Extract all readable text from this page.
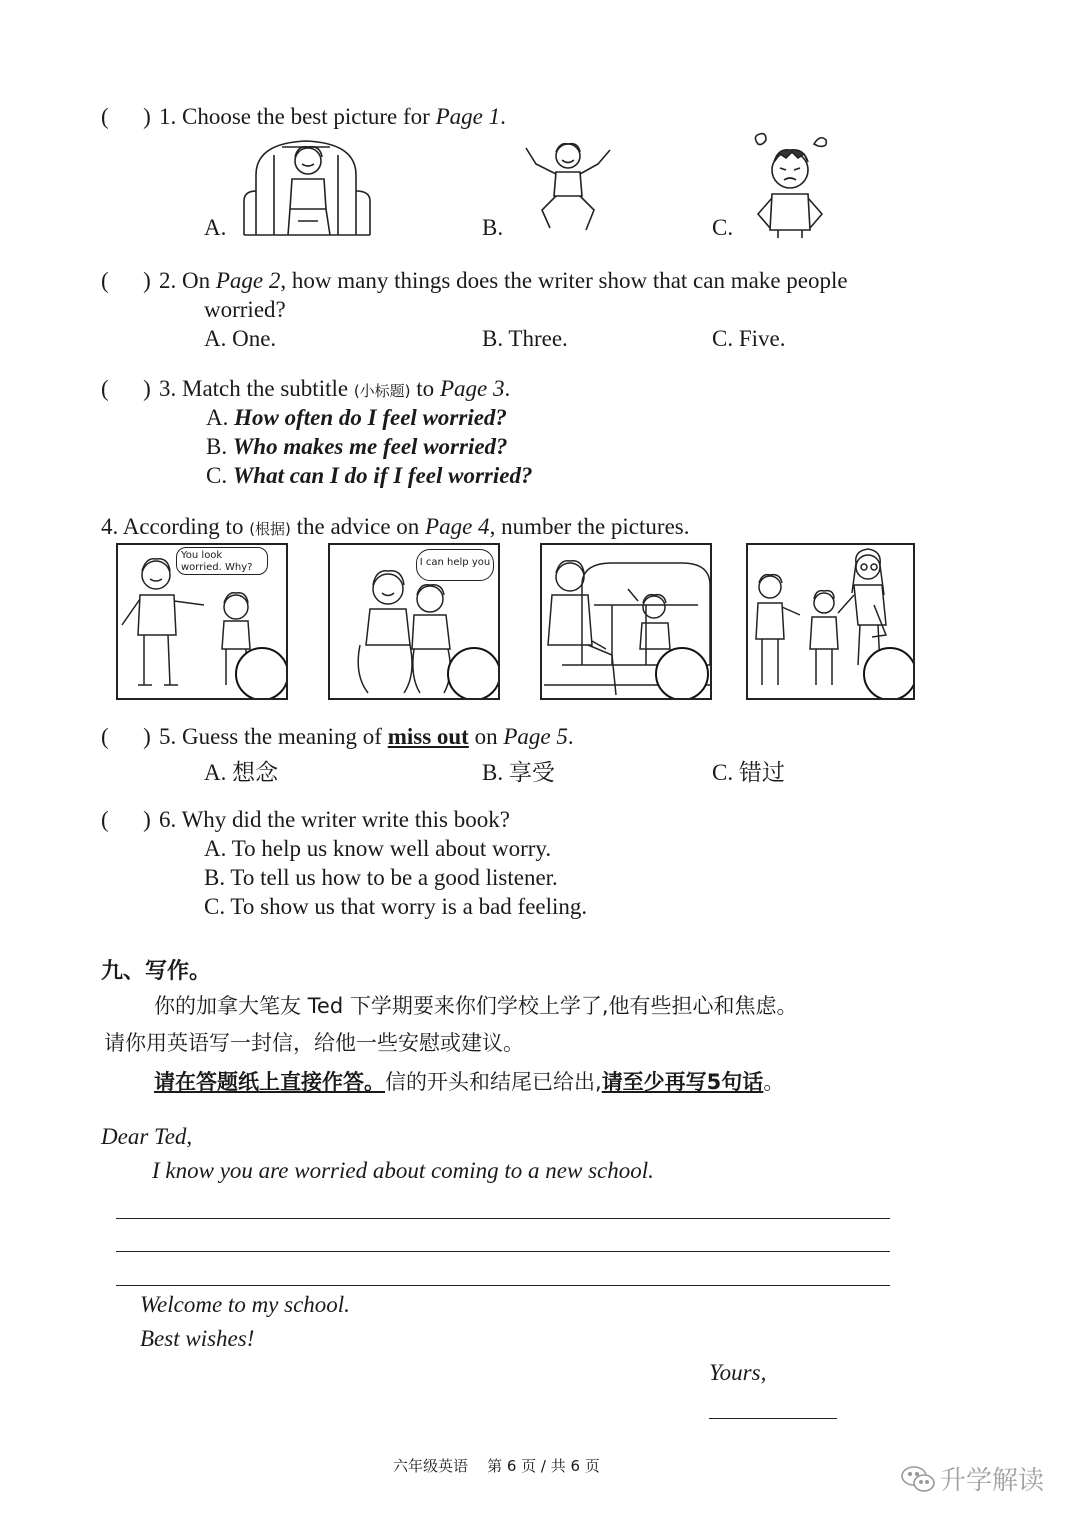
( ) 1. Choose the best picture for Page 1.
A.	B.	C.
( ) 2. On Page 2, how many things does the writer show that can make people
worried?
A. One.	B. Three.	C. Five.
( ) 3. Match the subtitle (小标题) to Page 3.
A. How often do I feel worried?
B. Who makes me feel worried?
C. What can I do if I feel worried?
4. According to (根据) the advice on Page 4, number the pictures.
You look worried. Why?	I can help you
( ) 5. Guess the meaning of miss out on Page 5.
A. 想念	B. 享受	C. 错过
( ) 6. Why did the writer write this book?
A. To help us know well about worry.
B. To tell us how to be a good listener.
C. To show us that worry is a bad feeling.
九、写作。
你的加拿大笔友 Ted 下学期要来你们学校上学了,他有些担心和焦虑。
请你用英语写一封信，给他一些安慰或建议。
请在答题纸上直接作答。信的开头和结尾已给出,请至少再写5句话。
Dear Ted,
I know you are worried about coming to a new school.
Welcome to my school.
Best wishes!
Yours,
六年级英语    第 6 页 / 共 6 页	升学解读
